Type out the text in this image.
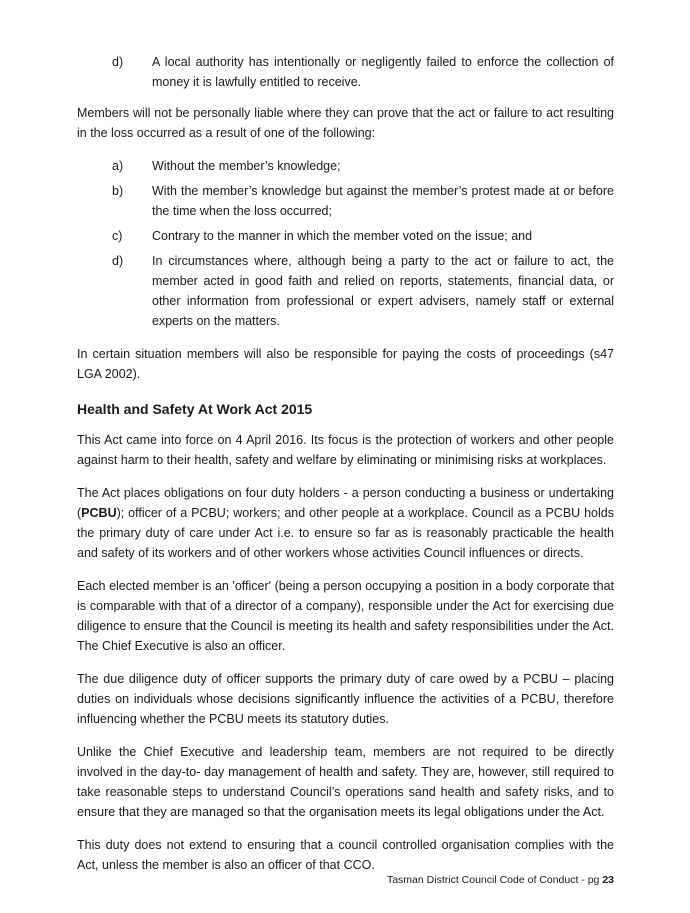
d)	A local authority has intentionally or negligently failed to enforce the collection of money it is lawfully entitled to receive.

Members will not be personally liable where they can prove that the act or failure to act resulting in the loss occurred as a result of one of the following:

a)	Without the member’s knowledge;
b)	With the member’s knowledge but against the member’s protest made at or before the time when the loss occurred;
c)	Contrary to the manner in which the member voted on the issue; and
d)	In circumstances where, although being a party to the act or failure to act, the member acted in good faith and relied on reports, statements, financial data, or other information from professional or expert advisers, namely staff or external experts on the matters.

In certain situation members will also be responsible for paying the costs of proceedings (s47 LGA 2002).

Health and Safety At Work Act 2015

This Act came into force on 4 April 2016. Its focus is the protection of workers and other people against harm to their health, safety and welfare by eliminating or minimising risks at workplaces.

The Act places obligations on four duty holders - a person conducting a business or undertaking (PCBU); officer of a PCBU; workers; and other people at a workplace. Council as a PCBU holds the primary duty of care under Act i.e. to ensure so far as is reasonably practicable the health and safety of its workers and of other workers whose activities Council influences or directs.

Each elected member is an 'officer' (being a person occupying a position in a body corporate that is comparable with that of a director of a company), responsible under the Act for exercising due diligence to ensure that the Council is meeting its health and safety responsibilities under the Act. The Chief Executive is also an officer.

The due diligence duty of officer supports the primary duty of care owed by a PCBU – placing duties on individuals whose decisions significantly influence the activities of a PCBU, therefore influencing whether the PCBU meets its statutory duties.

Unlike the Chief Executive and leadership team, members are not required to be directly involved in the day-to- day management of health and safety. They are, however, still required to take reasonable steps to understand Council’s operations sand health and safety risks, and to ensure that they are managed so that the organisation meets its legal obligations under the Act.

This duty does not extend to ensuring that a council controlled organisation complies with the Act, unless the member is also an officer of that CCO.

Tasman District Council Code of Conduct - pg 23
